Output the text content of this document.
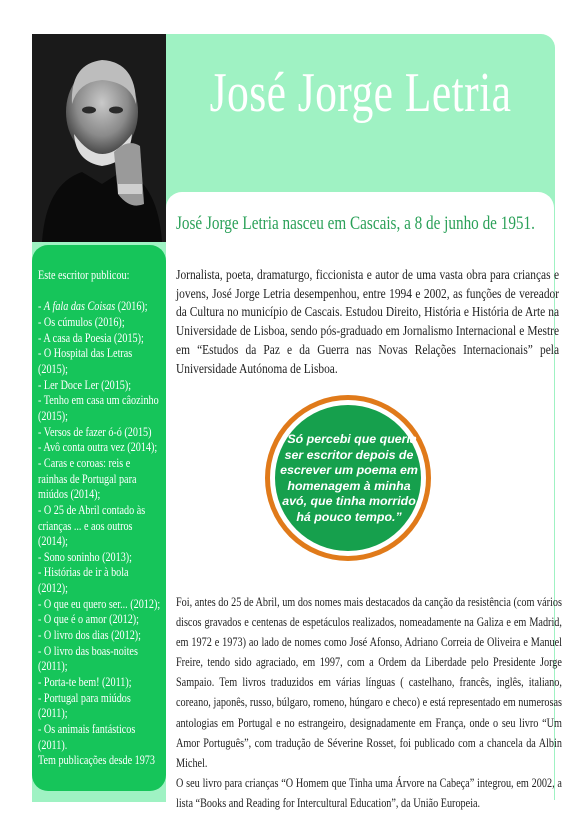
José Jorge Letria
José Jorge Letria nasceu em Cascais, a 8 de junho de 1951.
Este escritor publicou:

- A fala das Coisas (2016);
- Os cúmulos (2016);
- A casa da Poesia (2015);
- O Hospital das Letras (2015);
- Ler Doce Ler (2015);
- Tenho em casa um câozinho (2015);
- Versos de fazer ó-ó (2015)
- Avô conta outra vez (2014);
- Caras e coroas: reis e rainhas de Portugal para miúdos (2014);
- O 25 de Abril contado às crianças ... e aos outros (2014);
- Sono soninho (2013);
- Histórias de ir à bola (2012);
- O que eu quero ser... (2012);
- O que é o amor (2012);
- O livro dos dias (2012);
- O livro das boas-noites (2011);
- Porta-te bem! (2011);
- Portugal para miúdos (2011);
- Os animais fantásticos (2011).
Tem publicações desde 1973
Jornalista, poeta, dramaturgo, ficcionista e autor de uma vasta obra para crianças e jovens, José Jorge Letria desempenhou, entre 1994 e 2002, as funções de vereador da Cultura no município de Cascais. Estudou Direito, História e História de Arte na Universidade de Lisboa, sendo pós-graduado em Jornalismo Internacional e Mestre em “Estudos da Paz e da Guerra nas Novas Relações Internacionais” pela Universidade Autónoma de Lisboa.
“Só percebi que queria ser escritor depois de escrever um poema em homenagem à minha avó, que tinha morrido há pouco tempo.”
Foi, antes do 25 de Abril, um dos nomes mais destacados da canção da resistência (com vários discos gravados e centenas de espetáculos realizados, nomeadamente na Galiza e em Madrid, em 1972 e 1973) ao lado de nomes como José Afonso, Adriano Correia de Oliveira e Manuel Freire, tendo sido agraciado, em 1997, com a Ordem da Liberdade pelo Presidente Jorge Sampaio. Tem livros traduzidos em várias línguas ( castelhano, francês, inglês, italiano, coreano, japonês, russo, búlgaro, romeno, húngaro e checo) e está representado em numerosas antologias em Portugal e no estrangeiro, designadamente em França, onde o seu livro “Um Amor Português”, com tradução de Séverine Rosset, foi publicado com a chancela da Albin Michel.
O seu livro para crianças “O Homem que Tinha uma Árvore na Cabeça” integrou, em 2002, a lista “Books and Reading for Intercultural Education”, da União Europeia.
